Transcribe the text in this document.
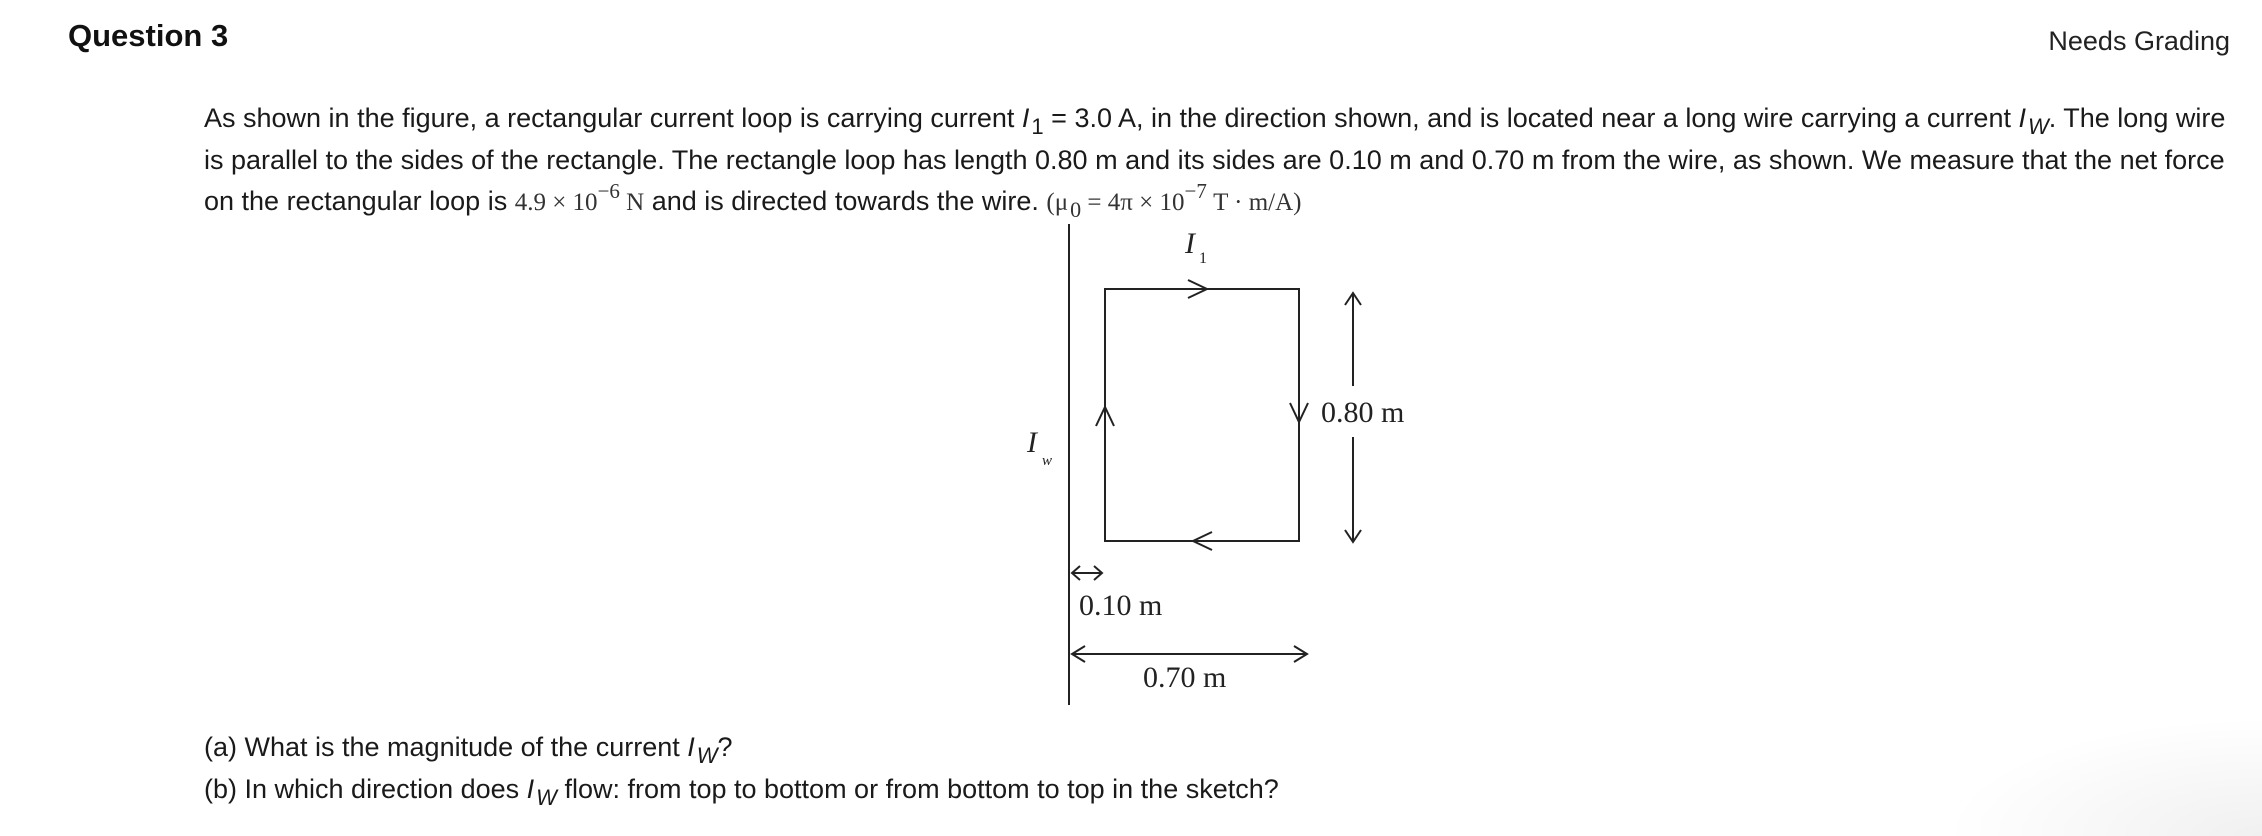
Question 3	Needs Grading
As shown in the figure, a rectangular current loop is carrying current $I_1 = 3.0$ A, in the direction shown, and is located near a long wire carrying a current $I_W$. The long wire is parallel to the sides of the rectangle. The rectangle loop has length 0.80 m and its sides are 0.10 m and 0.70 m from the wire, as shown. We measure that the net force on the rectangular loop is $4.9 \times 10^{-6}$ N and is directed towards the wire. ($\mu 0 = 4\pi \times 10^{-7}$ T · m/A)
I 1
I
w
0.80 m
0.10 m
0.70 m
(a) What is the magnitude of the current $I_W$?
(b) In which direction does $I_W$ flow: from top to bottom or from bottom to top in the sketch?
